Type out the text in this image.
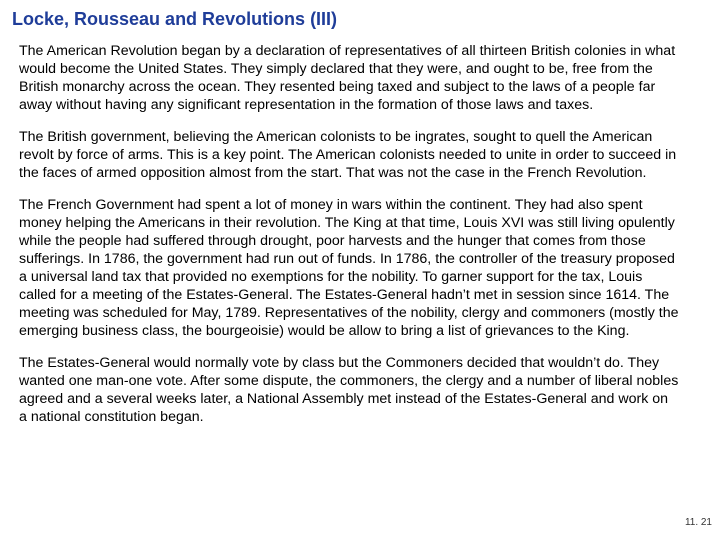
Locke, Rousseau and Revolutions (III)

The American Revolution began by a declaration of representatives of all thirteen British colonies in what would become the United States. They simply declared that they were, and ought to be, free from the British monarchy across the ocean. They resented being taxed and subject to the laws of a people far away without having any significant representation in the formation of those laws and taxes.

The British government, believing the American colonists to be ingrates, sought to quell the American revolt by force of arms. This is a key point. The American colonists needed to unite in order to succeed in the faces of armed opposition almost from the start. That was not the case in the French Revolution.

The French Government had spent a lot of money in wars within the continent. They had also spent money helping the Americans in their revolution. The King at that time, Louis XVI was still living opulently while the people had suffered through drought, poor harvests and the hunger that comes from those sufferings. In 1786, the government had run out of funds. In 1786, the controller of the treasury proposed a universal land tax that provided no exemptions for the nobility. To garner support for the tax, Louis called for a meeting of the Estates-General. The Estates-General hadn’t met in session since 1614. The meeting was scheduled for May, 1789. Representatives of the nobility, clergy and commoners (mostly the emerging business class, the bourgeoisie) would be allow to bring a list of grievances to the King.

The Estates-General would normally vote by class but the Commoners decided that wouldn’t do. They wanted one man-one vote. After some dispute, the commoners, the clergy and a number of liberal nobles agreed and a several weeks later, a National Assembly met instead of the Estates-General and work on a national constitution began.

11. 21
